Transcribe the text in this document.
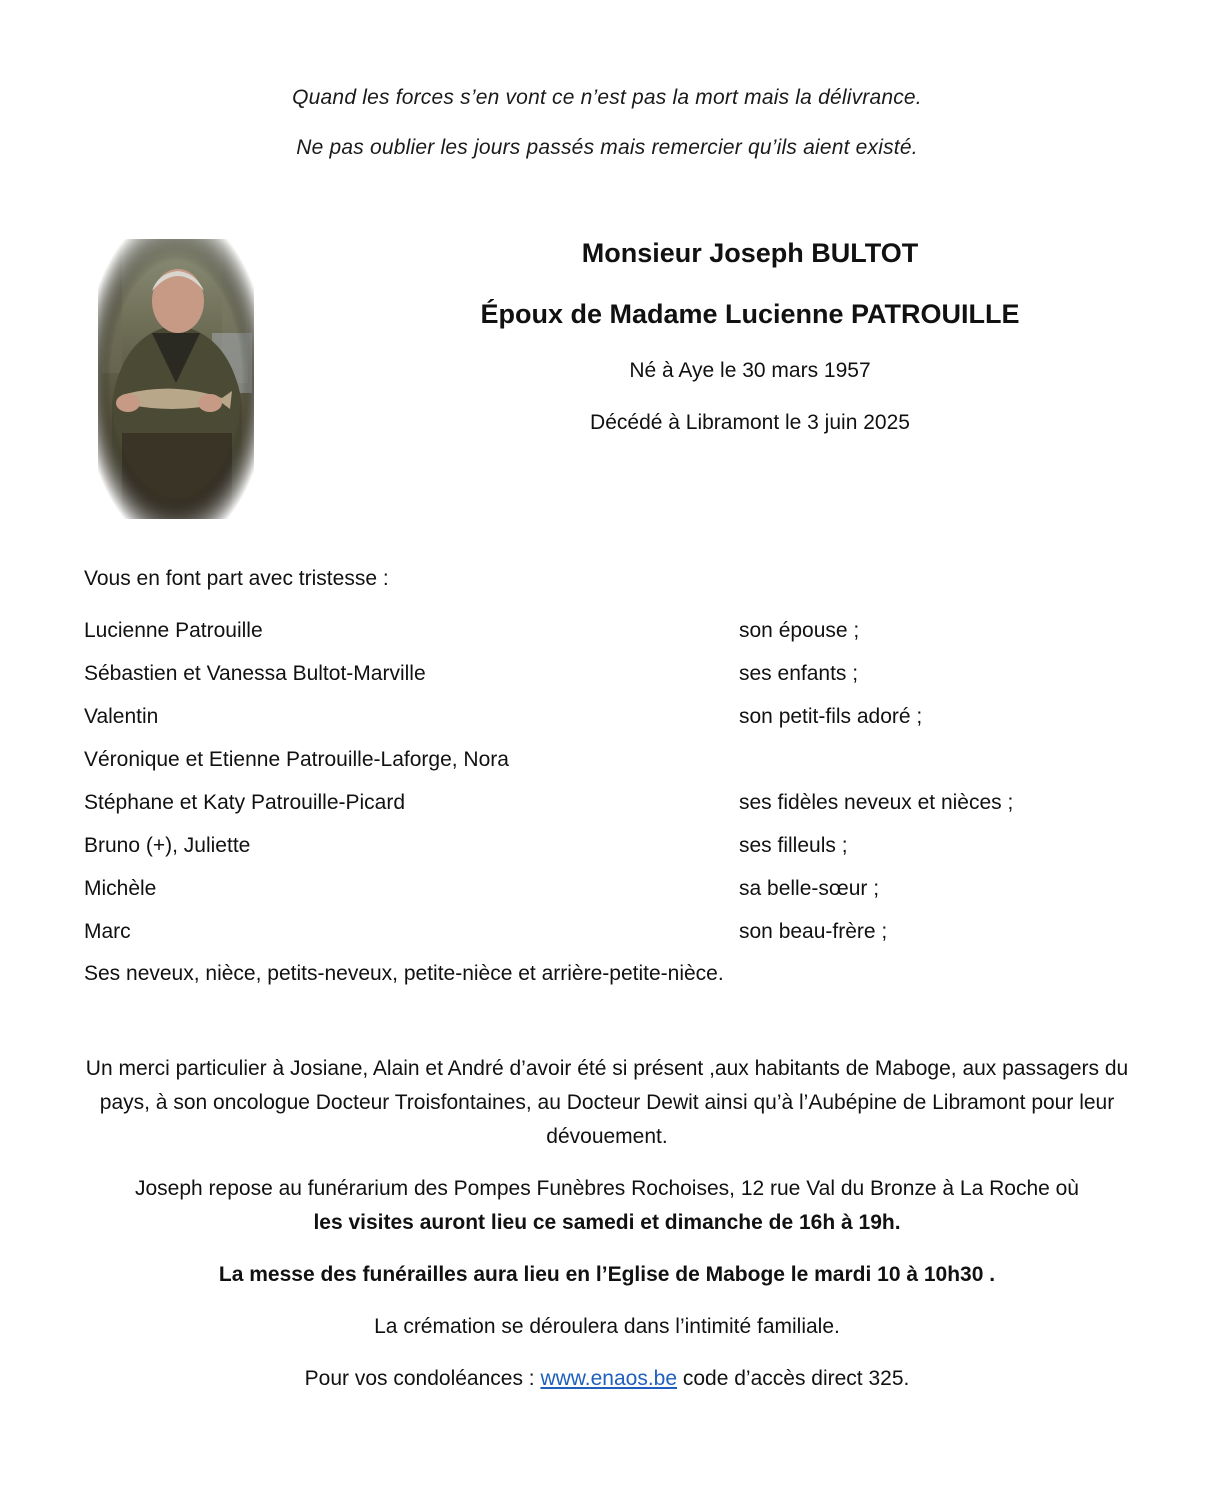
Quand les forces s’en vont ce n’est pas la mort mais la délivrance.
Ne pas oublier les jours passés mais remercier qu’ils aient existé.
Monsieur Joseph BULTOT
Époux de Madame Lucienne PATROUILLE
Né à Aye le 30 mars 1957
Décédé à Libramont le 3 juin 2025
Vous en font part avec tristesse :
Lucienne Patrouille	son épouse ;
Sébastien et Vanessa Bultot-Marville	ses enfants ;
Valentin	son petit-fils adoré ;
Véronique et Etienne Patrouille-Laforge, Nora
Stéphane et Katy Patrouille-Picard	ses fidèles neveux et nièces ;
Bruno (+), Juliette	ses filleuls ;
Michèle	sa belle-sœur ;
Marc	son beau-frère ;
Ses neveux, nièce, petits-neveux, petite-nièce et arrière-petite-nièce.
Un merci particulier à Josiane, Alain et André d’avoir été si présent ,aux habitants de Maboge, aux passagers du pays, à son oncologue Docteur Troisfontaines, au Docteur Dewit ainsi qu’à l’Aubépine de Libramont pour leur dévouement.
Joseph repose au funérarium des Pompes Funèbres Rochoises, 12 rue Val du Bronze à La Roche où
les visites auront lieu ce samedi et dimanche de 16h à 19h.
La messe des funérailles aura lieu en l’Eglise de Maboge le mardi 10 à 10h30 .
La crémation se déroulera dans l’intimité familiale.
Pour vos condoléances : www.enaos.be code d’accès direct 325.
